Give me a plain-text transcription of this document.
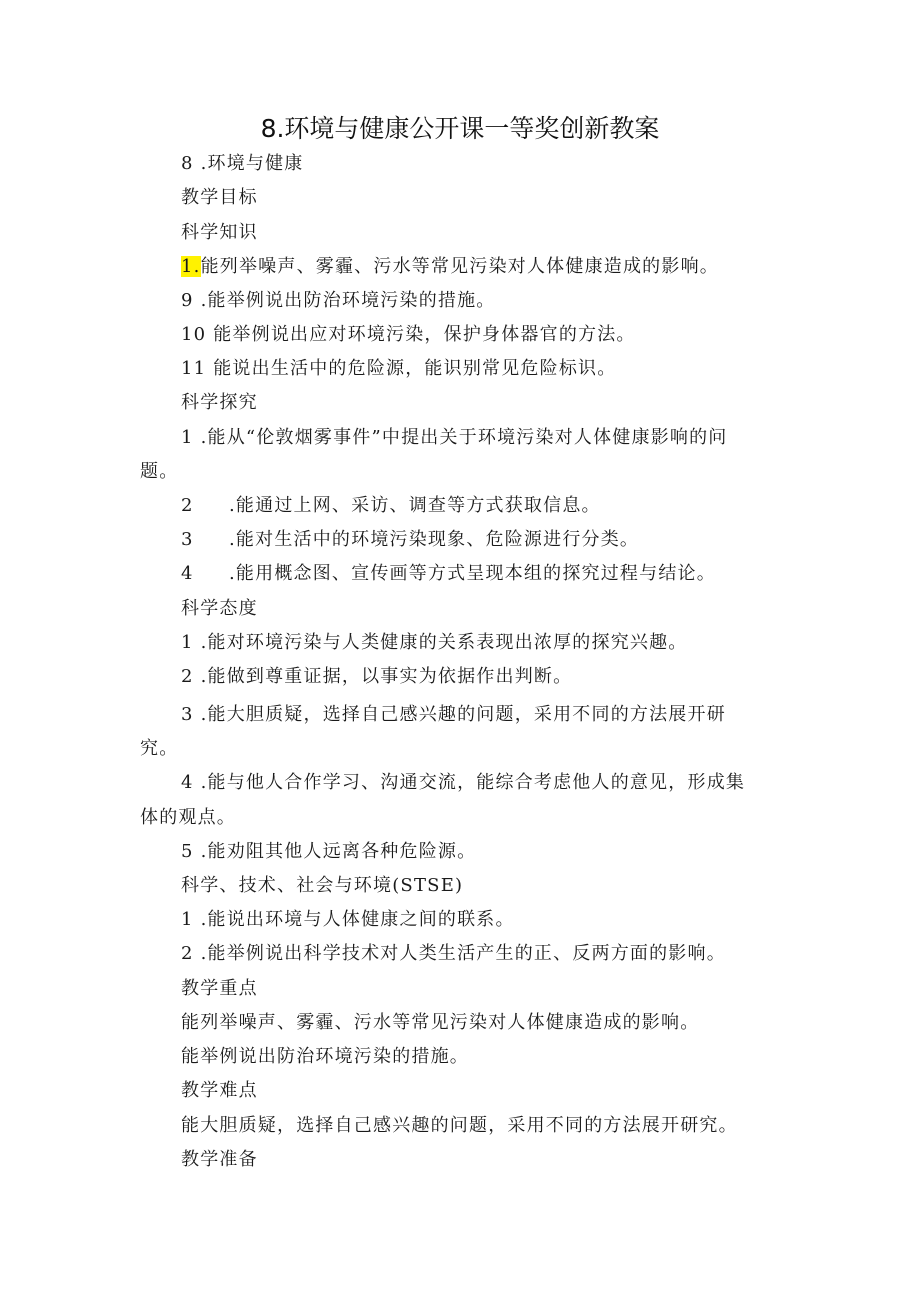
8.环境与健康公开课一等奖创新教案
8 .环境与健康
教学目标
科学知识
1.能列举噪声、雾霾、污水等常见污染对人体健康造成的影响。
9 .能举例说出防治环境污染的措施。
10 能举例说出应对环境污染，保护身体器官的方法。
11 能说出生活中的危险源，能识别常见危险标识。
科学探究
1 .能从“伦敦烟雾事件”中提出关于环境污染对人体健康影响的问
题。
2 .能通过上网、采访、调查等方式获取信息。
3 .能对生活中的环境污染现象、危险源进行分类。
4 .能用概念图、宣传画等方式呈现本组的探究过程与结论。
科学态度
1 .能对环境污染与人类健康的关系表现出浓厚的探究兴趣。
2 .能做到尊重证据，以事实为依据作出判断。
3 .能大胆质疑，选择自己感兴趣的问题，采用不同的方法展开研
究。
4 .能与他人合作学习、沟通交流，能综合考虑他人的意见，形成集
体的观点。
5 .能劝阻其他人远离各种危险源。
科学、技术、社会与环境(STSE)
1 .能说出环境与人体健康之间的联系。
2 .能举例说出科学技术对人类生活产生的正、反两方面的影响。
教学重点
能列举噪声、雾霾、污水等常见污染对人体健康造成的影响。
能举例说出防治环境污染的措施。
教学难点
能大胆质疑，选择自己感兴趣的问题，采用不同的方法展开研究。
教学准备
